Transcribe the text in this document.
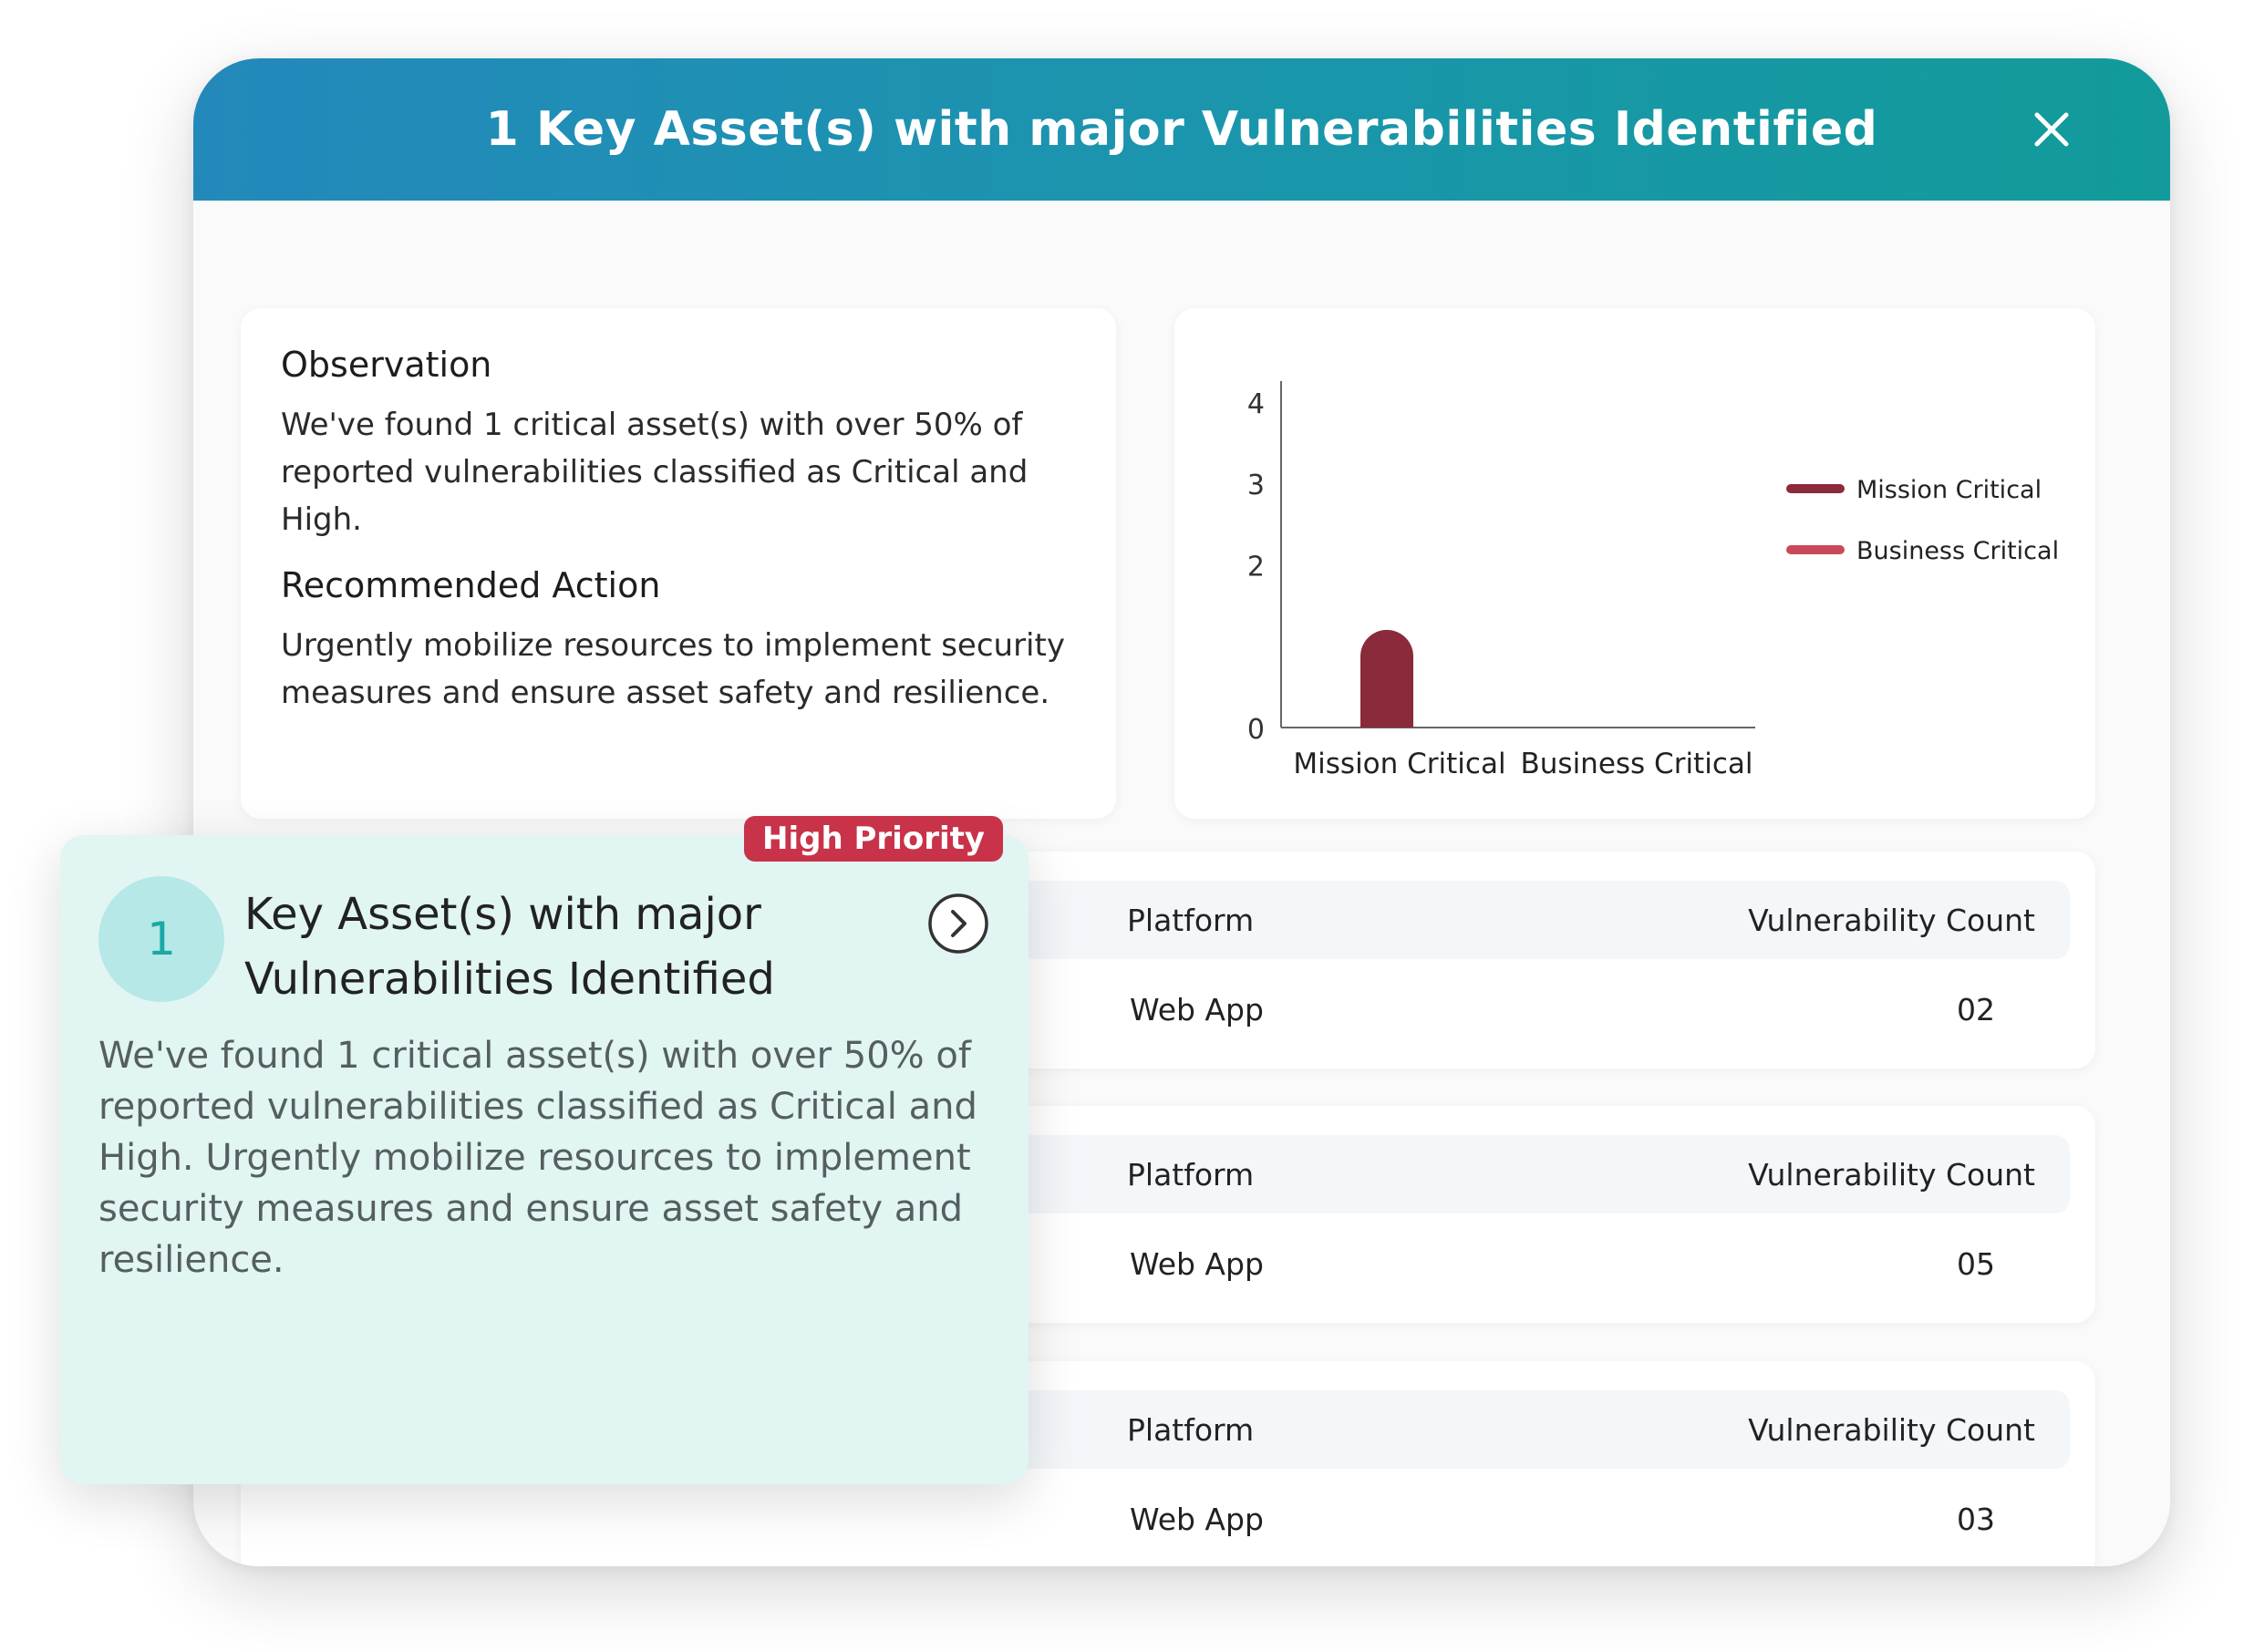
1 Key Asset(s) with major Vulnerabilities Identified
Observation

We've found 1 critical asset(s) with over 50% of reported vulnerabilities classified as Critical and High.

Recommended Action

Urgently mobilize resources to implement security measures and ensure asset safety and resilience.

0
2
3
4
Mission Critical Business Critical
Mission Critical
Business Critical
Platform	Vulnerability Count
Web App	02
Platform	Vulnerability Count
Web App	05
Platform	Vulnerability Count
Web App	03
1	Key Asset(s) with major Vulnerabilities Identified
We've found 1 critical asset(s) with over 50% of reported vulnerabilities classified as Critical and High. Urgently mobilize resources to implement security measures and ensure asset safety and resilience.
High Priority
